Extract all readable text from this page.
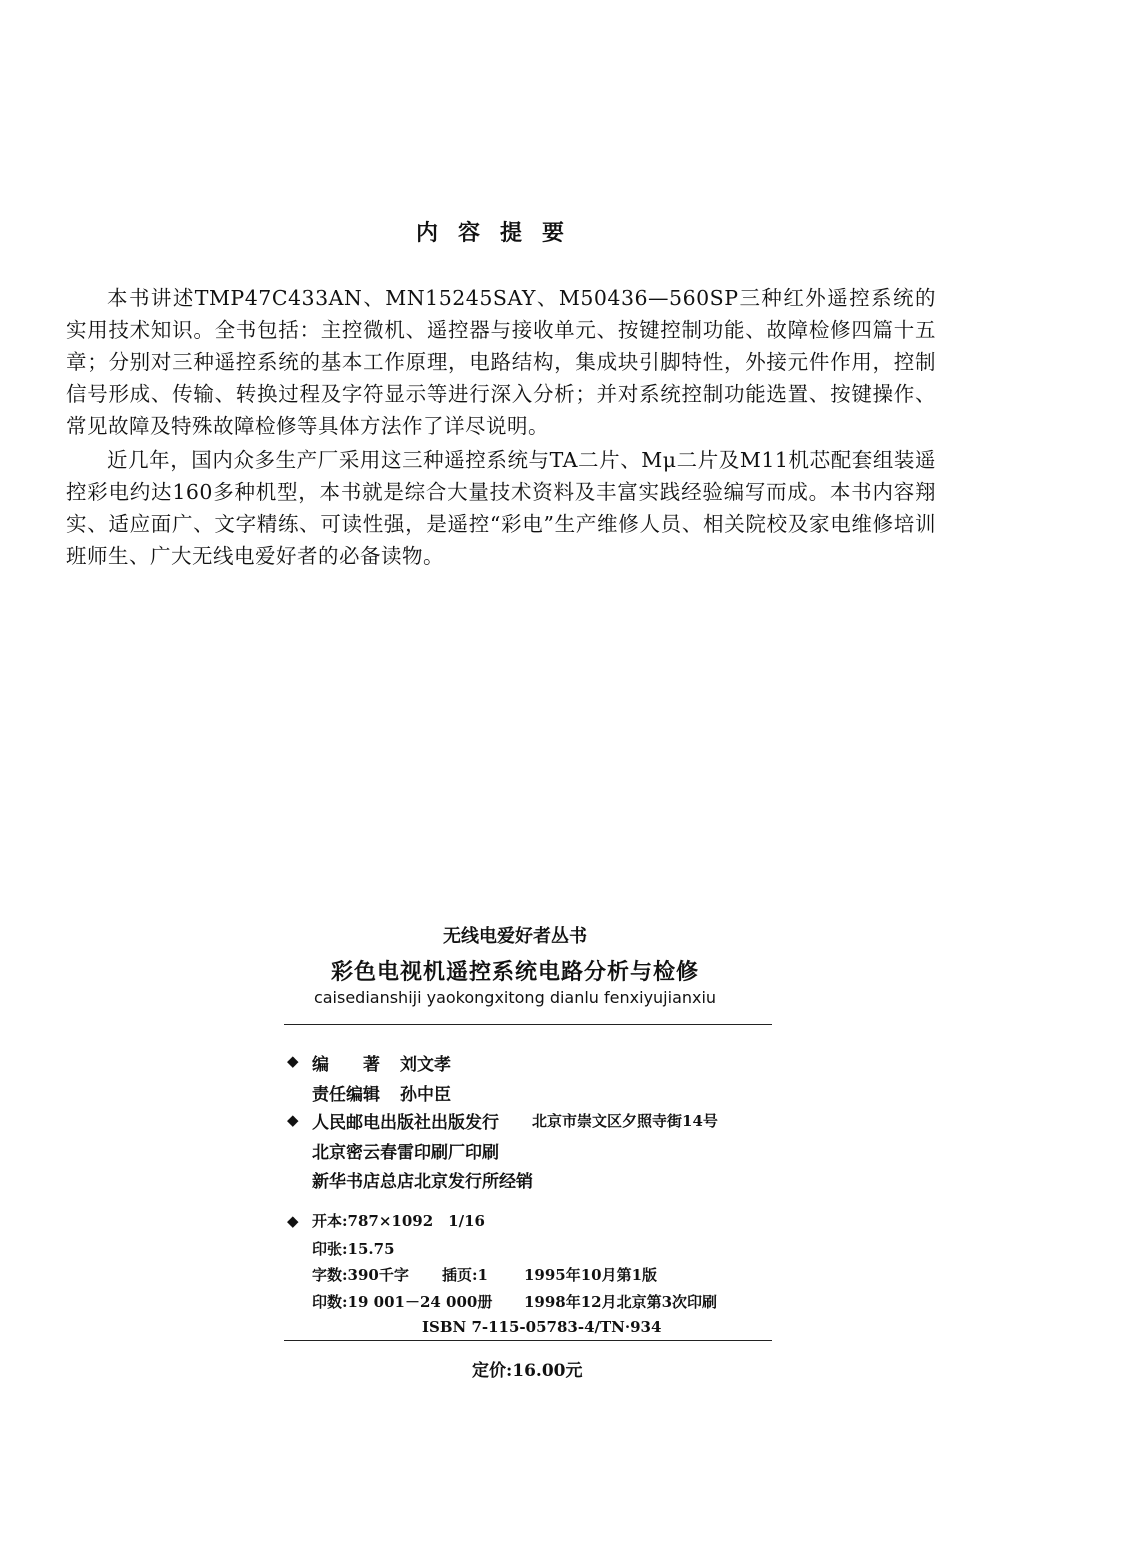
内容提要
本书讲述TMP47C433AN、MN15245SAY、M50436—560SP三种红外遥控系统的实用技术知识。全书包括：主控微机、遥控器与接收单元、按键控制功能、故障检修四篇十五章；分别对三种遥控系统的基本工作原理，电路结构，集成块引脚特性，外接元件作用，控制信号形成、传输、转换过程及字符显示等进行深入分析；并对系统控制功能选置、按键操作、常见故障及特殊故障检修等具体方法作了详尽说明。
近几年，国内众多生产厂采用这三种遥控系统与TA二片、Mμ二片及M11机芯配套组装遥控彩电约达160多种机型，本书就是综合大量技术资料及丰富实践经验编写而成。本书内容翔实、适应面广、文字精练、可读性强，是遥控“彩电”生产维修人员、相关院校及家电维修培训班师生、广大无线电爱好者的必备读物。
无线电爱好者丛书
彩色电视机遥控系统电路分析与检修
caisedianshiji yaokongxitong dianlu fenxiyujianxiu
◆ 编　　著 刘文孝
责任编辑 孙中臣
◆ 人民邮电出版社出版发行 北京市崇文区夕照寺街14号
北京密云春雷印刷厂印刷
新华书店总店北京发行所经销
◆ 开本:787×1092　1/16
印张:15.75
字数:390千字 插页:1 1995年10月第1版
印数:19 001－24 000册 1998年12月北京第3次印刷
ISBN 7-115-05783-4/TN·934
定价:16.00元
